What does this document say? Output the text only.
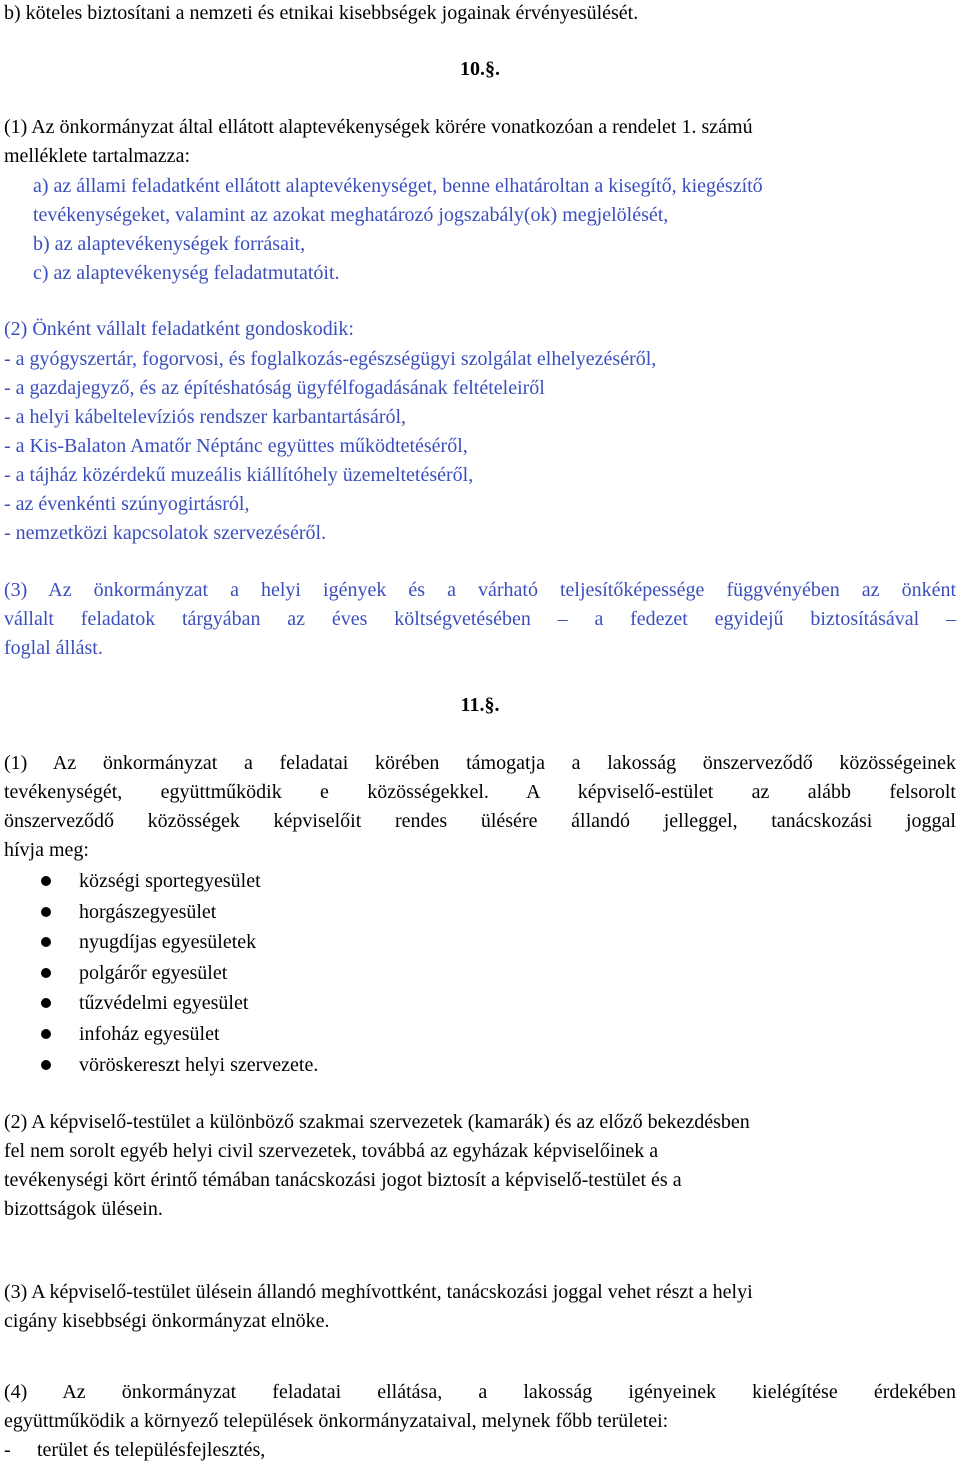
b) köteles biztosítani a nemzeti és etnikai kisebbségek jogainak érvényesülését.
10.§.
(1) Az önkormányzat által ellátott alaptevékenységek körére vonatkozóan a rendelet 1. számú
melléklete tartalmazza:
a) az állami feladatként ellátott alaptevékenységet, benne elhatároltan a kisegítő, kiegészítő
tevékenységeket, valamint az azokat meghatározó jogszabály(ok) megjelölését,
b) az alaptevékenységek forrásait,
c) az alaptevékenység feladatmutatóit.
(2) Önként vállalt feladatként gondoskodik:
- a gyógyszertár, fogorvosi, és foglalkozás-egészségügyi szolgálat elhelyezéséről,
- a gazdajegyző, és az építéshatóság ügyfélfogadásának feltételeiről
- a helyi kábeltelevíziós rendszer karbantartásáról,
- a Kis-Balaton Amatőr Néptánc együttes működtetéséről,
- a tájház közérdekű muzeális kiállítóhely üzemeltetéséről,
- az évenkénti szúnyogirtásról,
- nemzetközi kapcsolatok szervezéséről.
(3) Az önkormányzat a helyi igények és a várható teljesítőképessége függvényében az önként
vállalt feladatok tárgyában az éves költségvetésében – a fedezet egyidejű biztosításával –
foglal állást.
11.§.
(1) Az önkormányzat a feladatai körében támogatja a lakosság önszerveződő közösségeinek
tevékenységét, együttműködik e közösségekkel. A képviselő-estület az alább felsorolt
önszerveződő közösségek képviselőit rendes ülésére állandó jelleggel, tanácskozási joggal
hívja meg:
községi sportegyesület
horgászegyesület
nyugdíjas egyesületek
polgárőr egyesület
tűzvédelmi egyesület
infoház egyesület
vöröskereszt helyi szervezete.
(2) A képviselő-testület a különböző szakmai szervezetek (kamarák) és az előző bekezdésben
fel nem sorolt egyéb helyi civil szervezetek, továbbá az egyházak képviselőinek a
tevékenységi kört érintő témában tanácskozási jogot biztosít a képviselő-testület és a
bizottságok ülésein.
(3) A képviselő-testület ülésein állandó meghívottként, tanácskozási joggal vehet részt a helyi
cigány kisebbségi önkormányzat elnöke.
(4) Az önkormányzat feladatai ellátása, a lakosság igényeinek kielégítése érdekében
együttműködik a környező települések önkormányzataival, melynek főbb területei:
- terület és településfejlesztés,
